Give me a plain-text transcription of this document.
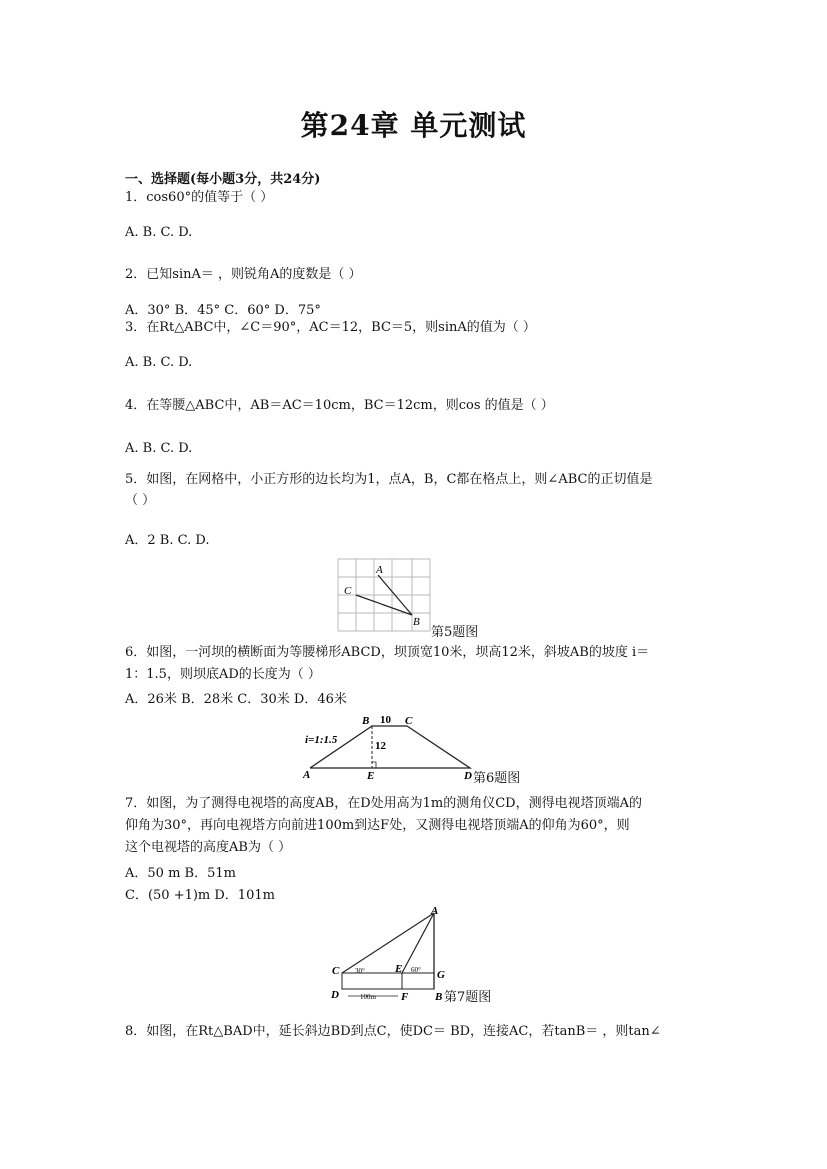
第24章 单元测试
一、选择题(每小题3分，共24分)
1．cos60°的值等于（ ）
A. B. C. D.
2．已知sinA＝ ，则锐角A的度数是（ ）
A．30° B．45° C．60° D．75°
3．在Rt△ABC中，∠C＝90°，AC＝12，BC＝5，则sinA的值为（ ）
A. B. C. D.
4．在等腰△ABC中，AB＝AC＝10cm，BC＝12cm，则cos 的值是（ ）
A. B. C. D.
5．如图，在网格中，小正方形的边长均为1，点A，B，C都在格点上，则∠ABC的正切值是
（ ）
A．2 B. C. D.
A
C
B
第5题图
6．如图，一河坝的横断面为等腰梯形ABCD，坝顶宽10米，坝高12米，斜坡AB的坡度 i＝
1：1.5，则坝底AD的长度为（ ）
A．26米 B．28米 C．30米 D．46米
B	C
10
12
i=1:1.5
A	E	D 第6题图
7．如图，为了测得电视塔的高度AB，在D处用高为1m的测角仪CD，测得电视塔顶端A的
仰角为30°，再向电视塔方向前进100m到达F处，又测得电视塔顶端A的仰角为60°，则
这个电视塔的高度AB为（ ）
A．50 m B．51m
C．(50 +1)m D．101m
30°	60°
100m
A
C	E	G
D	F B 第7题图
8．如图，在Rt△BAD中，延长斜边BD到点C，使DC＝ BD，连接AC，若tanB＝ ，则tan∠
